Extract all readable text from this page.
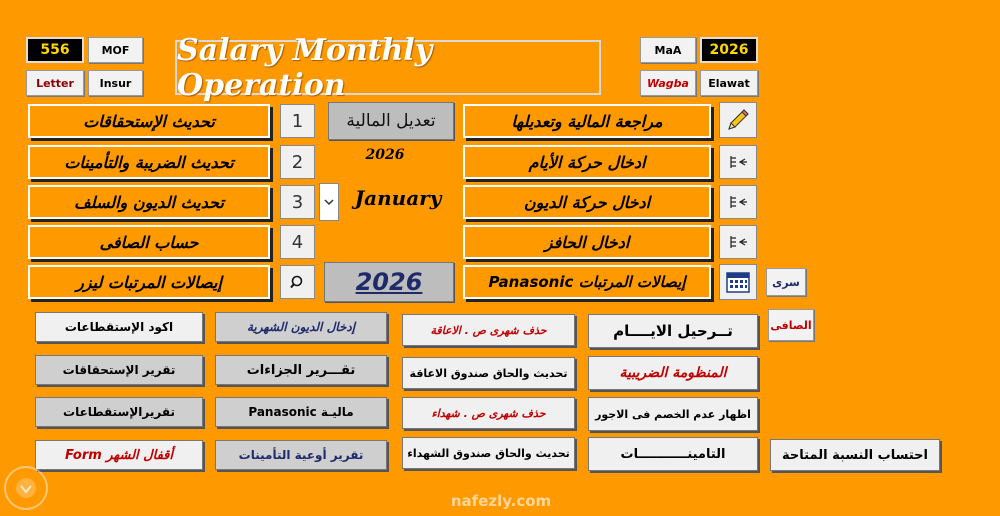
556	MOF
Letter	Insur
Salary Monthly Operation
MaA	2026
Wagba	Elawat
تحديث الإستحقاقات
تحديث الضريبة والتأمينات
تحديث الديون والسلف
حساب الصافى
إيصالات المرتبات ليزر
1
2
3
4
تعديل المالية
2026
January
2026
مراجعة المالية وتعديلها
ادخال حركة الأيام
ادخال حركة الديون
ادخال الحافز
إيصالات المرتبات Panasonic	سرى
اكود الإستقطاعات
تقرير الإستحقاقات
تقريرالإستقطاعات
أقفال الشهر Form
إدخال الديون الشهرية
تقـــرير الجزاءات
ماليـة Panasonic
تقرير أوعية التأمينات
حذف شهرى ص . الاعاقة
تحديث والحاق صندوق الاعاقة
حذف شهرى ص . شهداء
تحديث والحاق صندوق الشهداء
تــرحيل الايــــام
المنظومة الضريبية
اظهار عدم الخصم فى الاجور
التامينـــــــــــات
الصافى
احتساب النسبة المتاحة
nafezly.com
